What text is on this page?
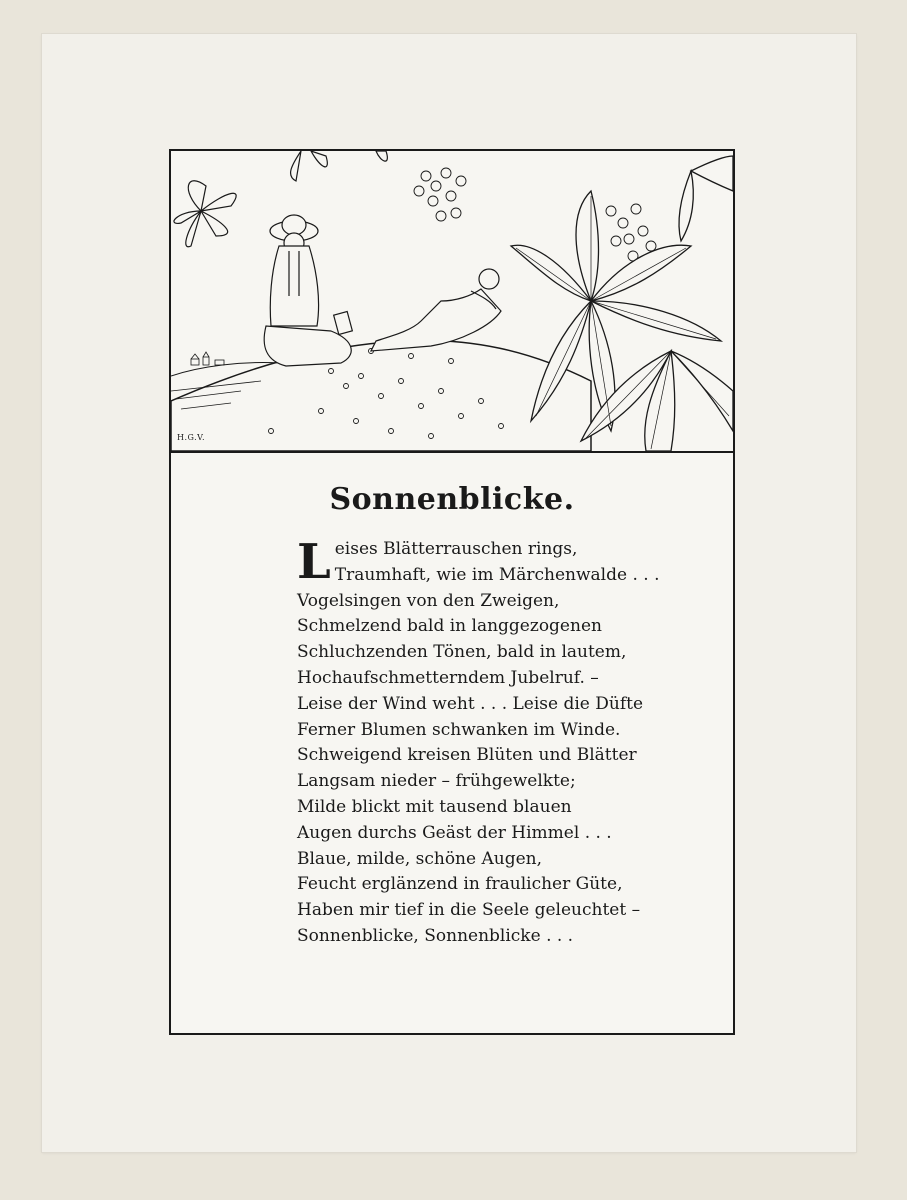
H.G.V.
Sonnenblicke.
Leises Blätterrauschen rings,
Traumhaft, wie im Märchenwalde . . .
Vogelsingen von den Zweigen,
Schmelzend bald in langgezogenen
Schluchzenden Tönen, bald in lautem,
Hochaufschmetterndem Jubelruf. –
Leise der Wind weht . . . Leise die Düfte
Ferner Blumen schwanken im Winde.
Schweigend kreisen Blüten und Blätter
Langsam nieder – frühgewelkte;
Milde blickt mit tausend blauen
Augen durchs Geäst der Himmel . . .
Blaue, milde, schöne Augen,
Feucht erglänzend in fraulicher Güte,
Haben mir tief in die Seele geleuchtet –
Sonnenblicke, Sonnenblicke . . .
